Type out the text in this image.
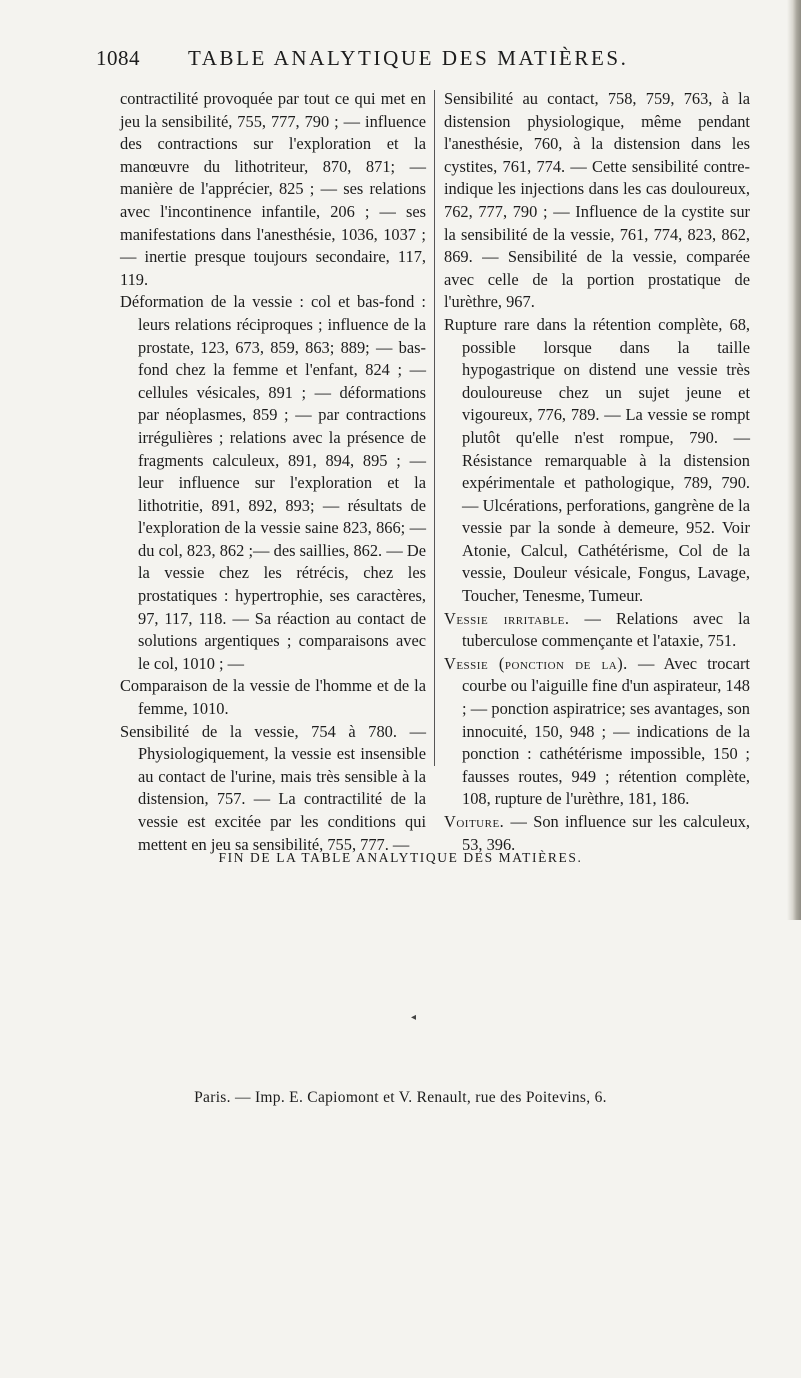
1084 TABLE ANALYTIQUE DES MATIÈRES.

contractilité provoquée par tout ce qui met en jeu la sensibilité, 755, 777, 790 ; — influence des contractions sur l'exploration et la manœuvre du lithotriteur, 870, 871; — manière de l'apprécier, 825 ; — ses relations avec l'incontinence infantile, 206 ; — ses manifestations dans l'anesthésie, 1036, 1037 ; — inertie presque toujours secondaire, 117, 119.

Déformation de la vessie : col et bas-fond : leurs relations réciproques ; influence de la prostate, 123, 673, 859, 863; 889; — bas-fond chez la femme et l'enfant, 824 ; — cellules vésicales, 891 ; — déformations par néoplasmes, 859 ; — par contractions irrégulières ; relations avec la présence de fragments calculeux, 891, 894, 895 ; — leur influence sur l'exploration et la lithotritie, 891, 892, 893; — résultats de l'exploration de la vessie saine 823, 866; — du col, 823, 862 ;— des saillies, 862. — De la vessie chez les rétrécis, chez les prostatiques : hypertrophie, ses caractères, 97, 117, 118. — Sa réaction au contact de solutions argentiques ; comparaisons avec le col, 1010 ; —

Comparaison de la vessie de l'homme et de la femme, 1010.

Sensibilité de la vessie, 754 à 780. — Physiologiquement, la vessie est insensible au contact de l'urine, mais très sensible à la distension, 757. — La contractilité de la vessie est excitée par les conditions qui mettent en jeu sa sensibilité, 755, 777. —

Sensibilité au contact, 758, 759, 763, à la distension physiologique, même pendant l'anesthésie, 760, à la distension dans les cystites, 761, 774. — Cette sensibilité contre-indique les injections dans les cas douloureux, 762, 777, 790 ; — Influence de la cystite sur la sensibilité de la vessie, 761, 774, 823, 862, 869. — Sensibilité de la vessie, comparée avec celle de la portion prostatique de l'urèthre, 967.

Rupture rare dans la rétention complète, 68, possible lorsque dans la taille hypogastrique on distend une vessie très douloureuse chez un sujet jeune et vigoureux, 776, 789. — La vessie se rompt plutôt qu'elle n'est rompue, 790. — Résistance remarquable à la distension expérimentale et pathologique, 789, 790. — Ulcérations, perforations, gangrène de la vessie par la sonde à demeure, 952. Voir Atonie, Calcul, Cathétérisme, Col de la vessie, Douleur vésicale, Fongus, Lavage, Toucher, Tenesme, Tumeur.

Vessie irritable. — Relations avec la tuberculose commençante et l'ataxie, 751.

Vessie (ponction de la). — Avec trocart courbe ou l'aiguille fine d'un aspirateur, 148 ; — ponction aspiratrice; ses avantages, son innocuité, 150, 948 ; — indications de la ponction : cathétérisme impossible, 150 ; fausses routes, 949 ; rétention complète, 108, rupture de l'urèthre, 181, 186.

Voiture. — Son influence sur les calculeux, 53, 396.

FIN DE LA TABLE ANALYTIQUE DES MATIÈRES.
◂
Paris. — Imp. E. Capiomont et V. Renault, rue des Poitevins, 6.
